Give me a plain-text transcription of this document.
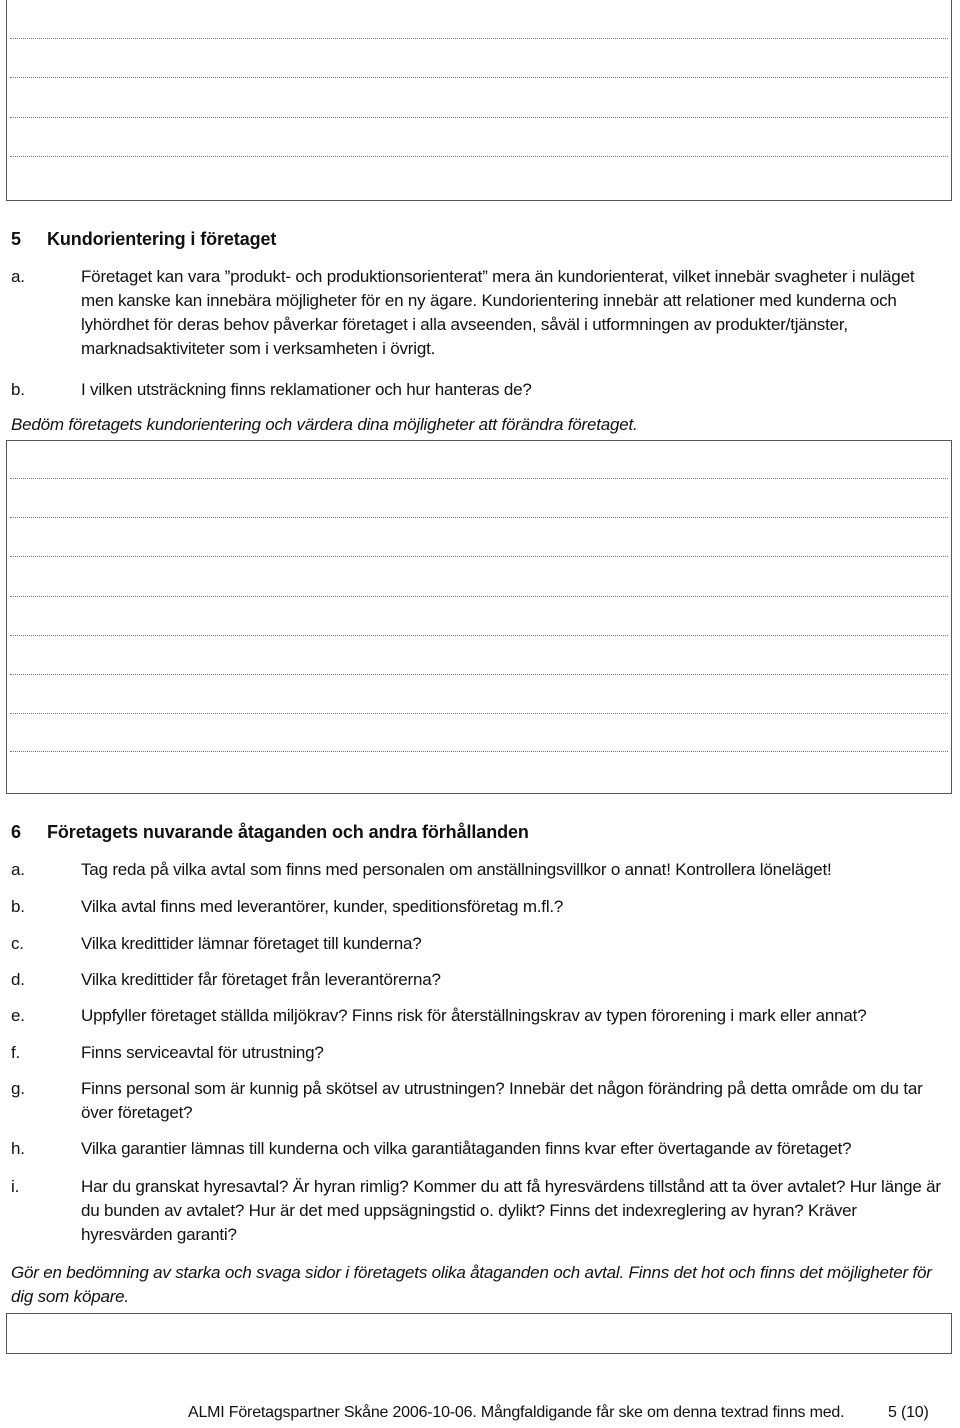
5 Kundorientering i företaget
a.	Företaget kan vara ”produkt- och produktionsorienterat” mera än kundorienterat, vilket innebär svagheter i nuläget men kanske kan innebära möjligheter för en ny ägare. Kundorientering innebär att relationer med kunderna och lyhördhet för deras behov påverkar företaget i alla avseenden, såväl i utformningen av produkter/tjänster, marknadsaktiviteter som i verksamheten i övrigt.
b.	I vilken utsträckning finns reklamationer och hur hanteras de?
Bedöm företagets kundorientering och värdera dina möjligheter att förändra företaget.
6 Företagets nuvarande åtaganden och andra förhållanden
a.	Tag reda på vilka avtal som finns med personalen om anställningsvillkor o annat! Kontrollera löneläget!
b.	Vilka avtal finns med leverantörer, kunder, speditionsföretag m.fl.?
c.	Vilka kredittider lämnar företaget till kunderna?
d.	Vilka kredittider får företaget från leverantörerna?
e.	Uppfyller företaget ställda miljökrav? Finns risk för återställningskrav av typen förorening i mark eller annat?
f.	Finns serviceavtal för utrustning?
g.	Finns personal som är kunnig på skötsel av utrustningen? Innebär det någon förändring på detta område om du tar över företaget?
h.	Vilka garantier lämnas till kunderna och vilka garantiåtaganden finns kvar efter övertagande av företaget?
i.	Har du granskat hyresavtal? Är hyran rimlig? Kommer du att få hyresvärdens tillstånd att ta över avtalet? Hur länge är du bunden av avtalet? Hur är det med uppsägningstid o. dylikt? Finns det indexreglering av hyran? Kräver hyresvärden garanti?
Gör en bedömning av starka och svaga sidor i företagets olika åtaganden och avtal. Finns det hot och finns det möjligheter för dig som köpare.
ALMI Företagspartner Skåne 2006-10-06. Mångfaldigande får ske om denna textrad finns med.	5 (10)
